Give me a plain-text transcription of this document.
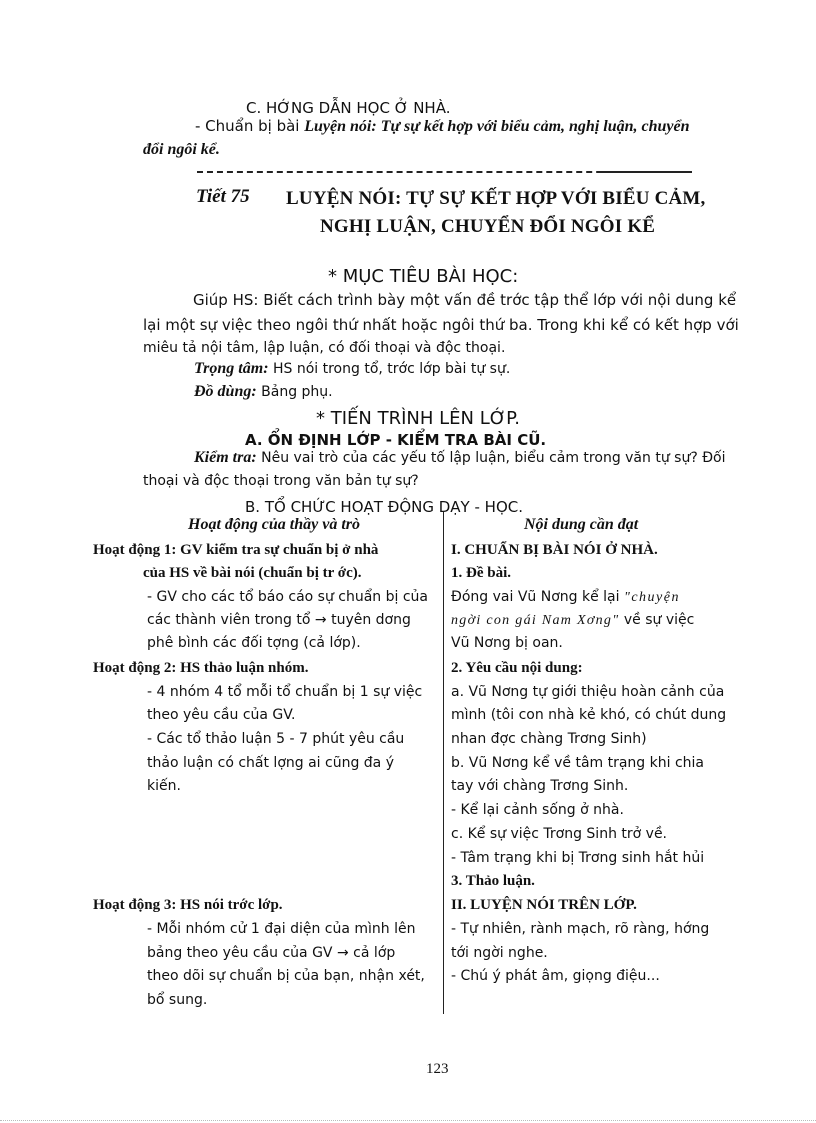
C. HỚNG DẪN HỌC Ở NHÀ.
- Chuẩn bị bài Luyện nói: Tự sự kết hợp với biểu cảm, nghị luận, chuyển
đổi ngôi kể.
Tiết 75 LUYỆN NÓI: TỰ SỰ KẾT HỢP VỚI BIỂU CẢM,
NGHỊ LUẬN, CHUYỂN ĐỔI NGÔI KỂ
* MỤC TIÊU BÀI HỌC:
Giúp HS: Biết cách trình bày một vấn đề trớc tập thể lớp với nội dung kể
lại một sự việc theo ngôi thứ nhất hoặc ngôi thứ ba. Trong khi kể có kết hợp với
miêu tả nội tâm, lập luận, có đối thoại và độc thoại.
Trọng tâm: HS nói trong tổ, trớc lớp bài tự sự.
Đồ dùng: Bảng phụ.
* TIẾN TRÌNH LÊN LỚP.
A. ỔN ĐỊNH LỚP - KIỂM TRA BÀI CŨ.
Kiểm tra: Nêu vai trò của các yếu tố lập luận, biểu cảm trong văn tự sự? Đối
thoại và độc thoại trong văn bản tự sự?
B. TỔ CHỨC HOẠT ĐỘNG DẠY - HỌC.
Hoạt động của thầy và trò	Nội dung cần đạt
Hoạt động 1: GV kiểm tra sự chuẩn bị ở nhà
của HS về bài nói (chuẩn bị tr ớc).
- GV cho các tổ báo cáo sự chuẩn bị của
các thành viên trong tổ → tuyên dơng
phê bình các đối tợng (cả lớp).
Hoạt động 2: HS thảo luận nhóm.
- 4 nhóm 4 tổ mỗi tổ chuẩn bị 1 sự việc
theo yêu cầu của GV.
- Các tổ thảo luận 5 - 7 phút yêu cầu
thảo luận có chất lợng ai cũng đa ý
kiến.
Hoạt động 3: HS nói trớc lớp.
- Mỗi nhóm cử 1 đại diện của mình lên
bảng theo yêu cầu của GV → cả lớp
theo dõi sự chuẩn bị của bạn, nhận xét,
bổ sung.
I. CHUẨN BỊ BÀI NÓI Ở NHÀ.
1. Đề bài.
Đóng vai Vũ Nơng kể lại "chuyện
ngời con gái Nam Xơng" về sự việc
Vũ Nơng bị oan.
2. Yêu cầu nội dung:
a. Vũ Nơng tự giới thiệu hoàn cảnh của
mình (tôi con nhà kẻ khó, có chút dung
nhan đợc chàng Trơng Sinh)
b. Vũ Nơng kể về tâm trạng khi chia
tay với chàng Trơng Sinh.
- Kể lại cảnh sống ở nhà.
c. Kể sự việc Trơng Sinh trở về.
- Tâm trạng khi bị Trơng sinh hắt hủi
3. Thảo luận.
II. LUYỆN NÓI TRÊN LỚP.
- Tự nhiên, rành mạch, rõ ràng, hớng
tới ngời nghe.
- Chú ý phát âm, giọng điệu...
123
